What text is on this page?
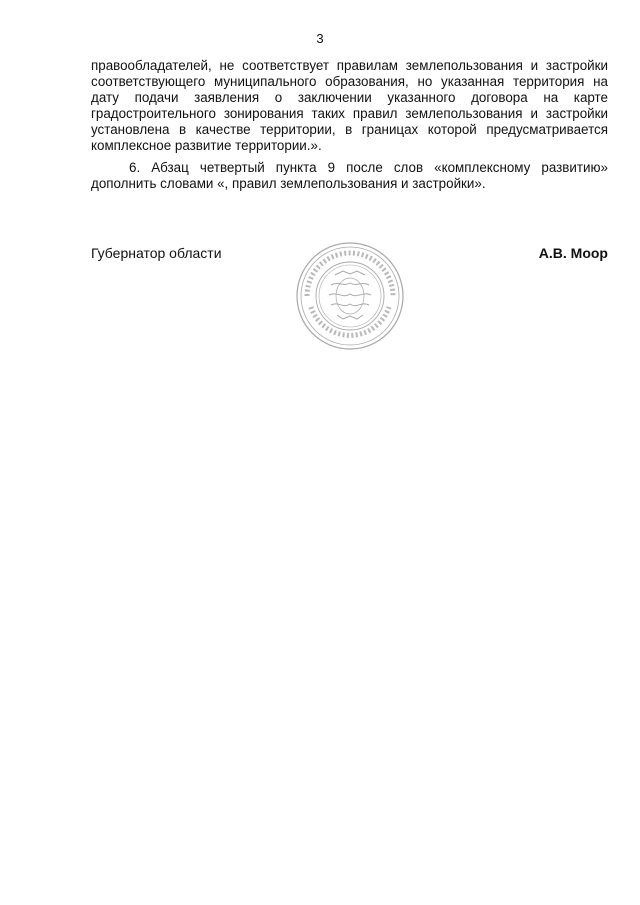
3

правообладателей, не соответствует правилам землепользования и застройки соответствующего муниципального образования, но указанная территория на дату подачи заявления о заключении указанного договора на карте градостроительного зонирования таких правил землепользования и застройки установлена в качестве территории, в границах которой предусматривается комплексное развитие территории.».

6. Абзац четвертый пункта 9 после слов «комплексному развитию» дополнить словами «, правил землепользования и застройки».

Губернатор области	А.В. Моор
